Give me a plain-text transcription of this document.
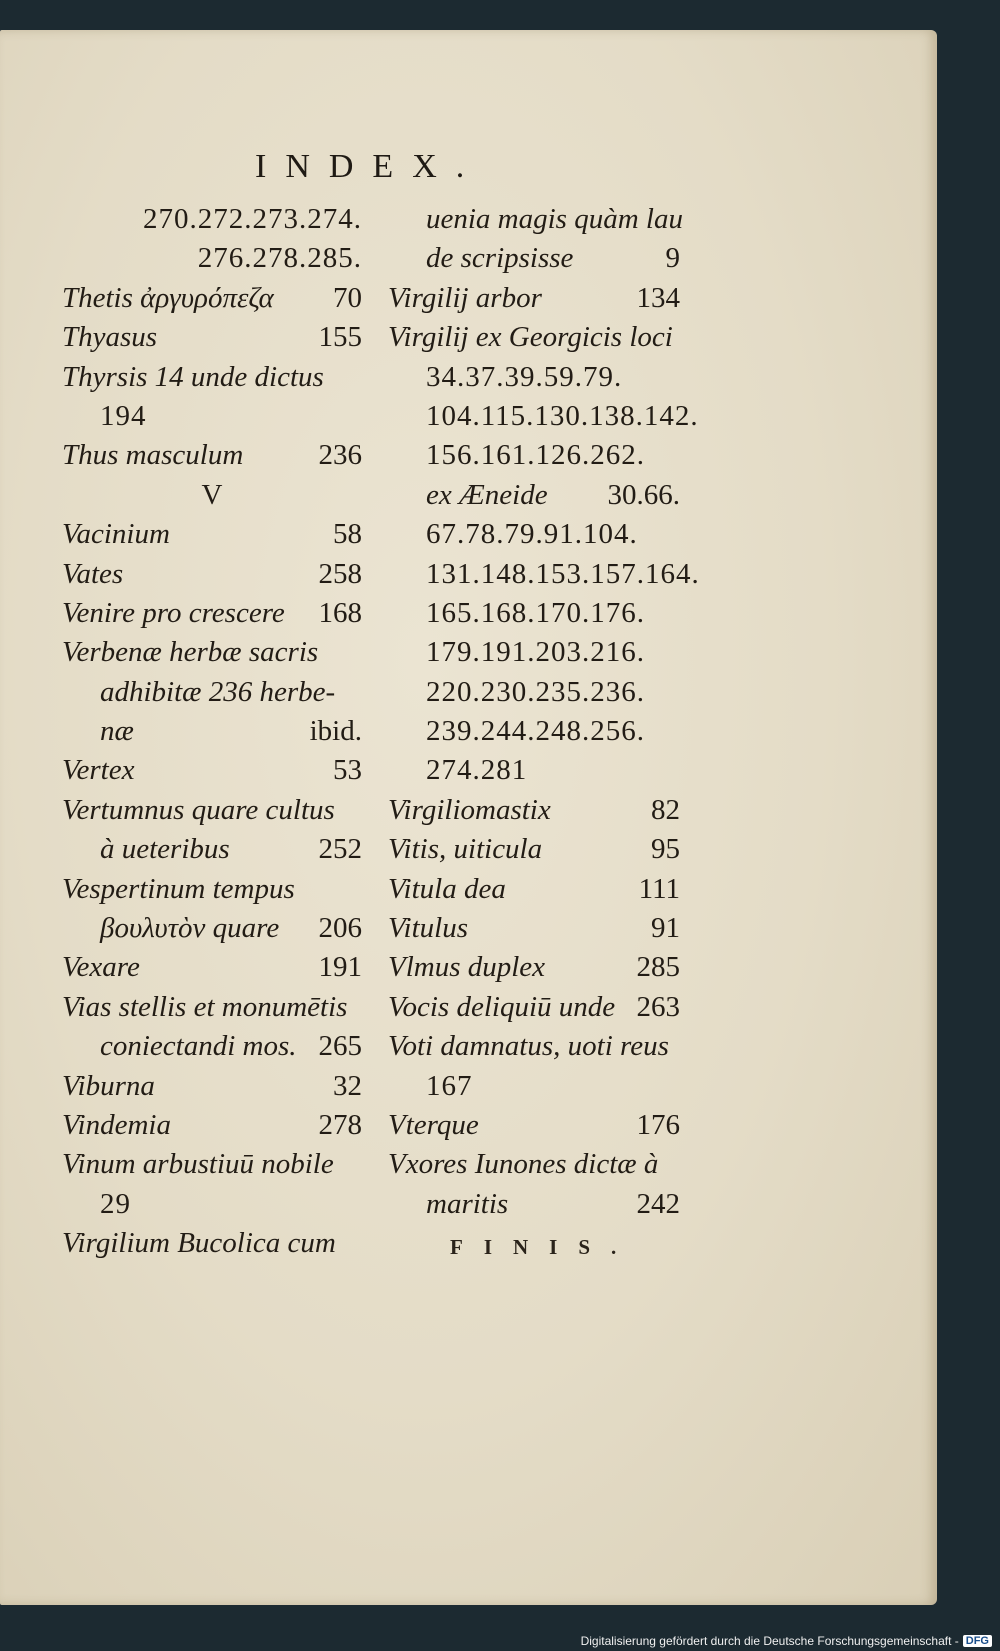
INDEX.
270.272.273.274.
276.278.285.
Thetis ἀργυρόπεζα 70
Thyasus	155
Thyrsis 14 unde dictus
194
Thus masculum	236
V
Vacinium	58
Vates	258
Venire pro crescere 168
Verbenæ herbæ sacris
adhibitæ 236 herbe-
næ	ibid.
Vertex	53
Vertumnus quare cultus
à ueteribus	252
Vespertinum tempus
βουλυτὸν quare 206
Vexare	191
Vias stellis et monumētis
coniectandi mos. 265
Viburna	32
Vindemia	278
Vinum arbustiuū nobile
29
Virgilium Bucolica cum
uenia magis quàm lau
de scripsisse	9
Virgilij arbor	134
Virgilij ex Georgicis loci
34.37.39.59.79.
104.115.130.138.142.
156.161.126.262.
ex Æneide 30.66.
67.78.79.91.104.
131.148.153.157.164.
165.168.170.176.
179.191.203.216.
220.230.235.236.
239.244.248.256.
274.281
Virgiliomastix	82
Vitis, uiticula	95
Vitula dea	111
Vitulus	91
Vlmus duplex	285
Vocis deliquiū unde 263
Voti damnatus, uoti reus
167
Vterque	176
Vxores Iunones dictæ à
maritis	242
FINIS.
Digitalisierung gefördert durch die Deutsche Forschungsgemeinschaft - DFG
